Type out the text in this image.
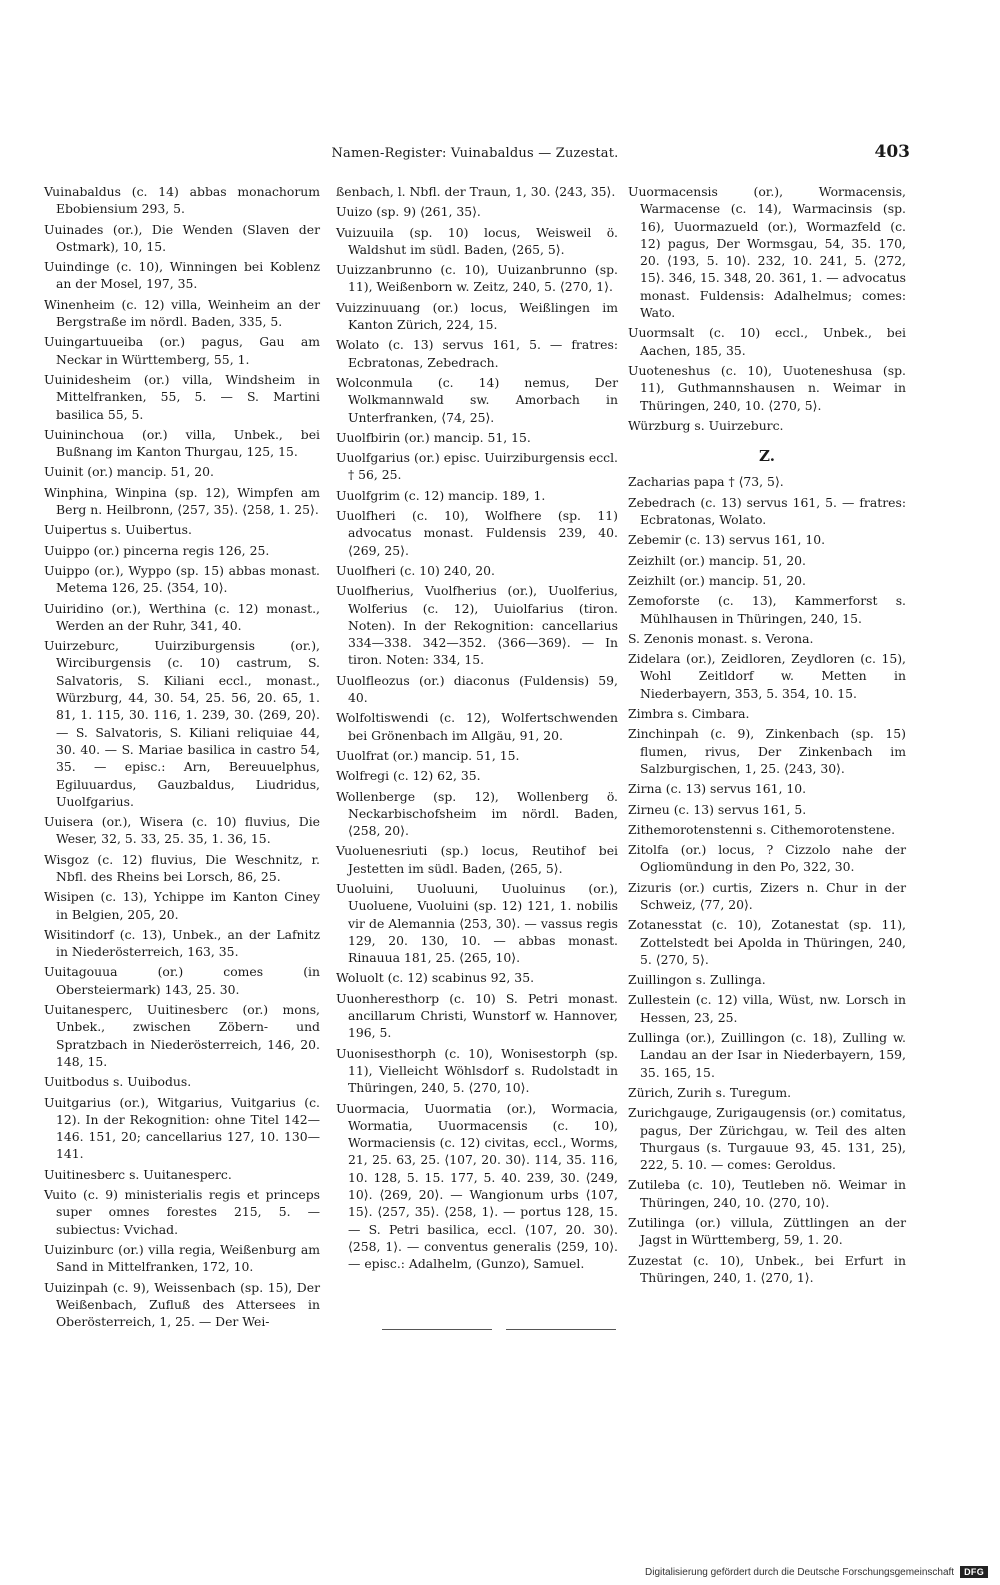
Namen-Register: Vuinabaldus — Zuzestat.	403
Vuinabaldus (c. 14) abbas monachorum Ebobiensium 293, 5.
Uuinades (or.), Die Wenden (Slaven der Ostmark), 10, 15.
Uuindinge (c. 10), Winningen bei Koblenz an der Mosel, 197, 35.
Winenheim (c. 12) villa, Weinheim an der Bergstraße im nördl. Baden, 335, 5.
Uuingartuueiba (or.) pagus, Gau am Neckar in Württemberg, 55, 1.
Uuinidesheim (or.) villa, Windsheim in Mittelfranken, 55, 5. — S. Martini basilica 55, 5.
Uuininchoua (or.) villa, Unbek., bei Bußnang im Kanton Thurgau, 125, 15.
Uuinit (or.) mancip. 51, 20.
Winphina, Winpina (sp. 12), Wimpfen am Berg n. Heilbronn, ⟨257, 35⟩. ⟨258, 1. 25⟩.
Uuipertus s. Uuibertus.
Uuippo (or.) pincerna regis 126, 25.
Uuippo (or.), Wyppo (sp. 15) abbas monast. Metema 126, 25. ⟨354, 10⟩.
Uuiridino (or.), Werthina (c. 12) monast., Werden an der Ruhr, 341, 40.
Uuirzeburc, Uuirziburgensis (or.), Wirciburgensis (c. 10) castrum, S. Salvatoris, S. Kiliani eccl., monast., Würzburg, 44, 30. 54, 25. 56, 20. 65, 1. 81, 1. 115, 30. 116, 1. 239, 30. ⟨269, 20⟩. — S. Salvatoris, S. Kiliani reliquiae 44, 30. 40. — S. Mariae basilica in castro 54, 35. — episc.: Arn, Bereuuelphus, Egiluuardus, Gauzbaldus, Liudridus, Uuolfgarius.
Uuisera (or.), Wisera (c. 10) fluvius, Die Weser, 32, 5. 33, 25. 35, 1. 36, 15.
Wisgoz (c. 12) fluvius, Die Weschnitz, r. Nbfl. des Rheins bei Lorsch, 86, 25.
Wisipen (c. 13), Ychippe im Kanton Ciney in Belgien, 205, 20.
Wisitindorf (c. 13), Unbek., an der Lafnitz in Niederösterreich, 163, 35.
Uuitagouua (or.) comes (in Obersteiermark) 143, 25. 30.
Uuitanesperc, Uuitinesberc (or.) mons, Unbek., zwischen Zöbern- und Spratzbach in Niederösterreich, 146, 20. 148, 15.
Uuitbodus s. Uuibodus.
Uuitgarius (or.), Witgarius, Vuitgarius (c. 12). In der Rekognition: ohne Titel 142—146. 151, 20; cancellarius 127, 10. 130—141.
Uuitinesberc s. Uuitanesperc.
Vuito (c. 9) ministerialis regis et princeps super omnes forestes 215, 5. — subiectus: Vvichad.
Uuizinburc (or.) villa regia, Weißenburg am Sand in Mittelfranken, 172, 10.
Uuizinpah (c. 9), Weissenbach (sp. 15), Der Weißenbach, Zufluß des Attersees in Oberösterreich, 1, 25. — Der Wei-
ßenbach, l. Nbfl. der Traun, 1, 30. ⟨243, 35⟩.
Uuizo (sp. 9) ⟨261, 35⟩.
Vuizuuila (sp. 10) locus, Weisweil ö. Waldshut im südl. Baden, ⟨265, 5⟩.
Uuizzanbrunno (c. 10), Uuizanbrunno (sp. 11), Weißenborn w. Zeitz, 240, 5. ⟨270, 1⟩.
Vuizzinuuang (or.) locus, Weißlingen im Kanton Zürich, 224, 15.
Wolato (c. 13) servus 161, 5. — fratres: Ecbratonas, Zebedrach.
Wolconmula (c. 14) nemus, Der Wolkmannwald sw. Amorbach in Unterfranken, ⟨74, 25⟩.
Uuolfbirin (or.) mancip. 51, 15.
Uuolfgarius (or.) episc. Uuirziburgensis eccl. † 56, 25.
Uuolfgrim (c. 12) mancip. 189, 1.
Uuolfheri (c. 10), Wolfhere (sp. 11) advocatus monast. Fuldensis 239, 40. ⟨269, 25⟩.
Uuolfheri (c. 10) 240, 20.
Uuolfherius, Vuolfherius (or.), Uuolferius, Wolferius (c. 12), Uuiolfarius (tiron. Noten). In der Rekognition: cancellarius 334—338. 342—352. ⟨366—369⟩. — In tiron. Noten: 334, 15.
Uuolfleozus (or.) diaconus (Fuldensis) 59, 40.
Wolfoltiswendi (c. 12), Wolfertschwenden bei Grönenbach im Allgäu, 91, 20.
Uuolfrat (or.) mancip. 51, 15.
Wolfregi (c. 12) 62, 35.
Wollenberge (sp. 12), Wollenberg ö. Neckarbischofsheim im nördl. Baden, ⟨258, 20⟩.
Vuoluenesriuti (sp.) locus, Reutihof bei Jestetten im südl. Baden, ⟨265, 5⟩.
Uuoluini, Uuoluuni, Uuoluinus (or.), Uuoluene, Vuoluini (sp. 12) 121, 1. nobilis vir de Alemannia ⟨253, 30⟩. — vassus regis 129, 20. 130, 10. — abbas monast. Rinauua 181, 25. ⟨265, 10⟩.
Woluolt (c. 12) scabinus 92, 35.
Uuonheresthorp (c. 10) S. Petri monast. ancillarum Christi, Wunstorf w. Hannover, 196, 5.
Uuonisesthorph (c. 10), Wonisestorph (sp. 11), Vielleicht Wöhlsdorf s. Rudolstadt in Thüringen, 240, 5. ⟨270, 10⟩.
Uuormacia, Uuormatia (or.), Wormacia, Wormatia, Uuormacensis (c. 10), Wormaciensis (c. 12) civitas, eccl., Worms, 21, 25. 63, 25. ⟨107, 20. 30⟩. 114, 35. 116, 10. 128, 5. 15. 177, 5. 40. 239, 30. ⟨249, 10⟩. ⟨269, 20⟩. — Wangionum urbs ⟨107, 15⟩. ⟨257, 35⟩. ⟨258, 1⟩. — portus 128, 15. — S. Petri basilica, eccl. ⟨107, 20. 30⟩. ⟨258, 1⟩. — conventus generalis ⟨259, 10⟩. — episc.: Adalhelm, (Gunzo), Samuel.
Uuormacensis (or.), Wormacensis, Warmacense (c. 14), Warmacinsis (sp. 16), Uuormazueld (or.), Wormazfeld (c. 12) pagus, Der Wormsgau, 54, 35. 170, 20. ⟨193, 5. 10⟩. 232, 10. 241, 5. ⟨272, 15⟩. 346, 15. 348, 20. 361, 1. — advocatus monast. Fuldensis: Adalhelmus; comes: Wato.
Uuormsalt (c. 10) eccl., Unbek., bei Aachen, 185, 35.
Uuoteneshus (c. 10), Uuoteneshusa (sp. 11), Guthmannshausen n. Weimar in Thüringen, 240, 10. ⟨270, 5⟩.
Würzburg s. Uuirzeburc.
Z.
Zacharias papa † ⟨73, 5⟩.
Zebedrach (c. 13) servus 161, 5. — fratres: Ecbratonas, Wolato.
Zebemir (c. 13) servus 161, 10.
Zeizhilt (or.) mancip. 51, 20.
Zeizhilt (or.) mancip. 51, 20.
Zemoforste (c. 13), Kammerforst s. Mühlhausen in Thüringen, 240, 15.
S. Zenonis monast. s. Verona.
Zidelara (or.), Zeidloren, Zeydloren (c. 15), Wohl Zeitldorf w. Metten in Niederbayern, 353, 5. 354, 10. 15.
Zimbra s. Cimbara.
Zinchinpah (c. 9), Zinkenbach (sp. 15) flumen, rivus, Der Zinkenbach im Salzburgischen, 1, 25. ⟨243, 30⟩.
Zirna (c. 13) servus 161, 10.
Zirneu (c. 13) servus 161, 5.
Zithemorotenstenni s. Cithemorotenstene.
Zitolfa (or.) locus, ? Cizzolo nahe der Ogliomündung in den Po, 322, 30.
Zizuris (or.) curtis, Zizers n. Chur in der Schweiz, ⟨77, 20⟩.
Zotanesstat (c. 10), Zotanestat (sp. 11), Zottelstedt bei Apolda in Thüringen, 240, 5. ⟨270, 5⟩.
Zuillingon s. Zullinga.
Zullestein (c. 12) villa, Wüst, nw. Lorsch in Hessen, 23, 25.
Zullinga (or.), Zuillingon (c. 18), Zulling w. Landau an der Isar in Niederbayern, 159, 35. 165, 15.
Zürich, Zurih s. Turegum.
Zurichgauge, Zurigaugensis (or.) comitatus, pagus, Der Zürichgau, w. Teil des alten Thurgaus (s. Turgauue 93, 45. 131, 25), 222, 5. 10. — comes: Geroldus.
Zutileba (c. 10), Teutleben nö. Weimar in Thüringen, 240, 10. ⟨270, 10⟩.
Zutilinga (or.) villula, Züttlingen an der Jagst in Württemberg, 59, 1. 20.
Zuzestat (c. 10), Unbek., bei Erfurt in Thüringen, 240, 1. ⟨270, 1⟩.
Digitalisierung gefördert durch die Deutsche Forschungsgemeinschaft	DFG
